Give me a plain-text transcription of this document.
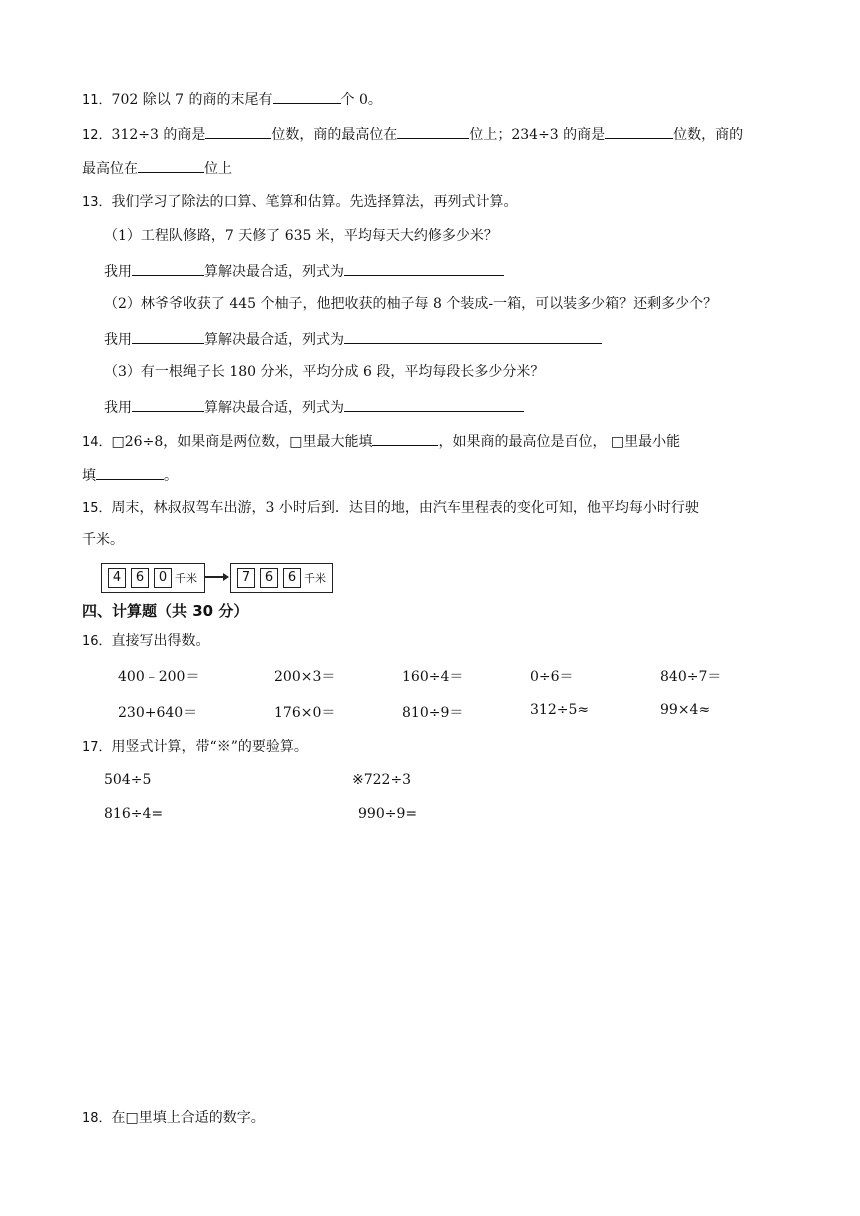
11．702 除以 7 的商的末尾有	个 0。
12．312÷3 的商是	位数，商的最高位在	位上；234÷3 的商是	位数，商的
最高位在	位上
13．我们学习了除法的口算、笔算和估算。先选择算法，再列式计算。
（1）工程队修路，7 天修了 635 米，平均每天大约修多少米？
我用	算解决最合适，列式为
（2）林爷爷收获了 445 个柚子，他把收获的柚子每 8 个装成-一箱，可以装多少箱？还剩多少个？
我用	算解决最合适，列式为
（3）有一根绳子长 180 分米，平均分成 6 段，平均每段长多少分米？
我用	算解决最合适，列式为
14．□26÷8，如果商是两位数，□里最大能填	，如果商的最高位是百位， □里最小能
填	。
15．周末，林叔叔驾车出游，3 小时后到．达目的地，由汽车里程表的变化可知，他平均每小时行驶
千米。
4	6	0 千米	7	6	6 千米
四、计算题（共 30 分）
16．直接写出得数。
400﹣200＝	200×3＝	160÷4＝	0÷6＝	840÷7＝
230+640＝	176×0＝	810÷9＝	312÷5≈	99×4≈
17．用竖式计算，带“※”的要验算。
504÷5	※722÷3
816÷4=	990÷9=
18．在□里填上合适的数字。
